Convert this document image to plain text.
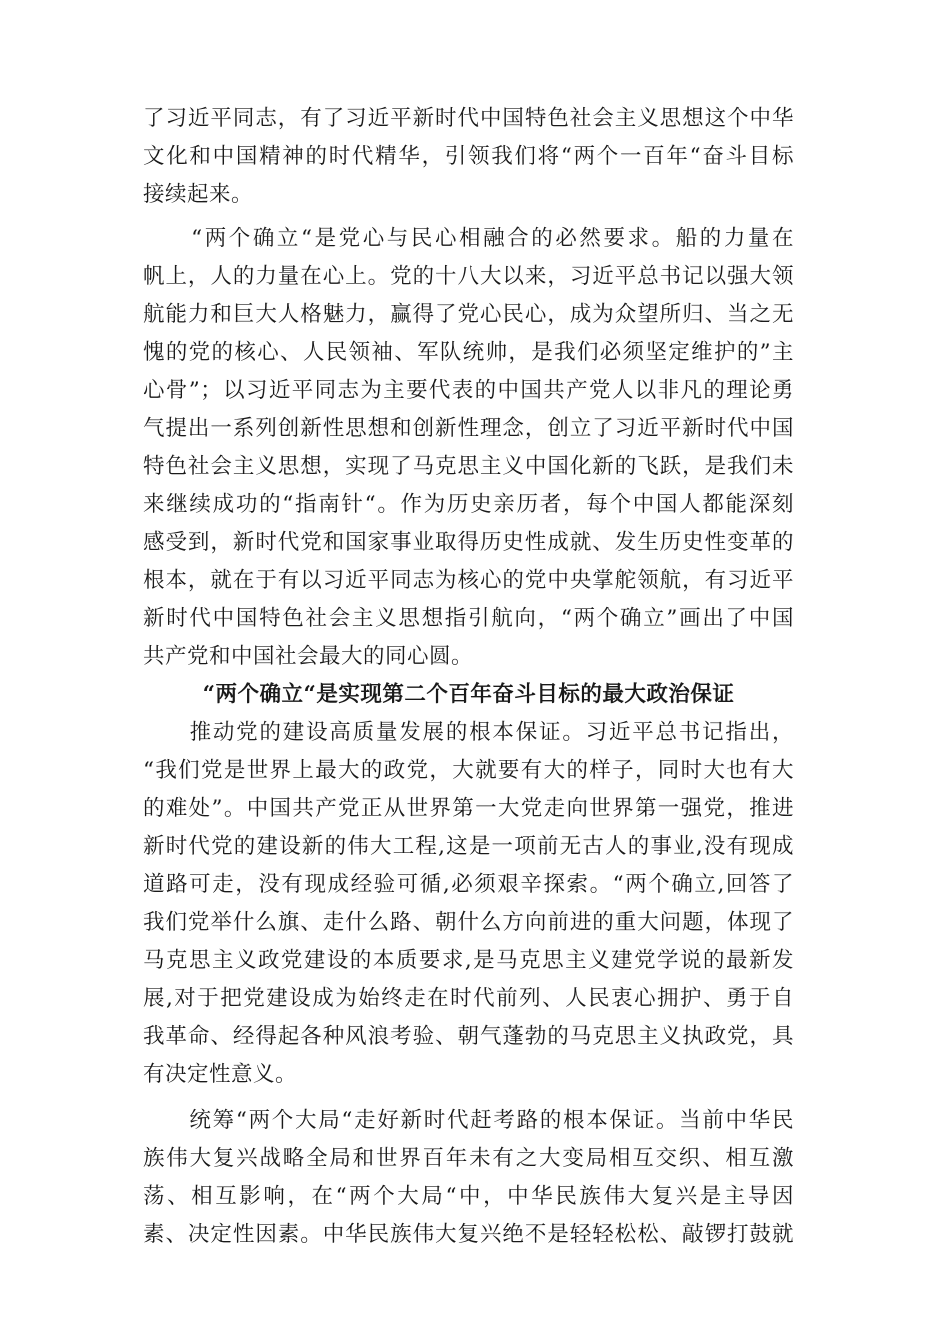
了习近平同志，有了习近平新时代中国特色社会主义思想这个中华
文化和中国精神的时代精华，引领我们将“两个一百年“奋斗目标
接续起来。
　　“两个确立“是党心与民心相融合的必然要求。船的力量在
帆上，人的力量在心上。党的十八大以来，习近平总书记以强大领
航能力和巨大人格魅力，赢得了党心民心，成为众望所归、当之无
愧的党的核心、人民领袖、军队统帅，是我们必须坚定维护的”主
心骨”；以习近平同志为主要代表的中国共产党人以非凡的理论勇
气提出一系列创新性思想和创新性理念，创立了习近平新时代中国
特色社会主义思想，实现了马克思主义中国化新的飞跃，是我们未
来继续成功的“指南针“。作为历史亲历者，每个中国人都能深刻
感受到，新时代党和国家事业取得历史性成就、发生历史性变革的
根本，就在于有以习近平同志为核心的党中央掌舵领航，有习近平
新时代中国特色社会主义思想指引航向，“两个确立”画出了中国
共产党和中国社会最大的同心圆。
“两个确立“是实现第二个百年奋斗目标的最大政治保证
　　推动党的建设高质量发展的根本保证。习近平总书记指出，
“我们党是世界上最大的政党，大就要有大的样子，同时大也有大
的难处”。中国共产党正从世界第一大党走向世界第一强党，推进
新时代党的建设新的伟大工程,这是一项前无古人的事业,没有现成
道路可走，没有现成经验可循,必须艰辛探索。“两个确立,回答了
我们党举什么旗、走什么路、朝什么方向前进的重大问题，体现了
马克思主义政党建设的本质要求,是马克思主义建党学说的最新发
展,对于把党建设成为始终走在时代前列、人民衷心拥护、勇于自
我革命、经得起各种风浪考验、朝气蓬勃的马克思主义执政党，具
有决定性意义。
　　统筹“两个大局“走好新时代赶考路的根本保证。当前中华民
族伟大复兴战略全局和世界百年未有之大变局相互交织、相互激
荡、相互影响，在“两个大局“中，中华民族伟大复兴是主导因
素、决定性因素。中华民族伟大复兴绝不是轻轻松松、敲锣打鼓就
